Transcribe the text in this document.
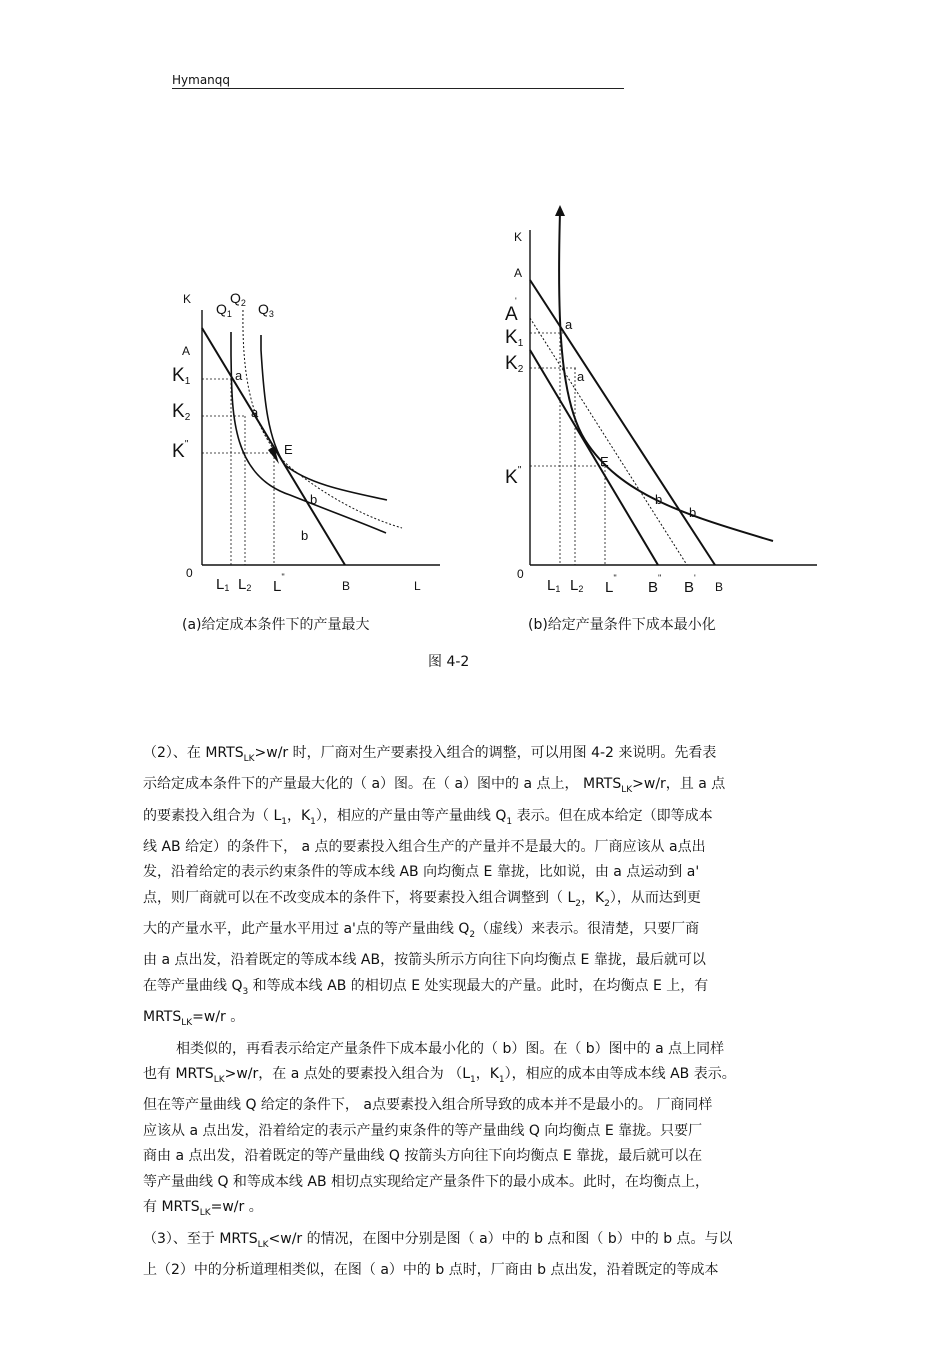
Hymanqq
K
$Q_1$
$Q_2$ $Q_3$
A
K1
K2
K''
a
a
E
b
b
0
L1 L2 L''
B	L
(a)给定成本条件下的产量最大
K
A
A
'
K1
K2
K''
a
a
E
b
b
0
L1 L2 L''
B''
B'
B
(b)给定产量条件下成本最小化
图 4-2

（2）、在 $MRTS_{LK}>w/r$ 时，厂商对生产要素投入组合的调整，可以用图 4-2 来说明。先看表

示给定成本条件下的产量最大化的（ a）图。在（ a）图中的 a 点上， $MRTS_{LK}>w/r$，且 a 点

的要素投入组合为（ $L_1$，$K_1$），相应的产量由等产量曲线 $Q_1$ 表示。但在成本给定（即等成本

线 AB 给定）的条件下， a 点的要素投入组合生产的产量并不是最大的。厂商应该从 a点出

发，沿着给定的表示约束条件的等成本线 AB 向均衡点 E 靠拢，比如说，由 a 点运动到 a'

点，则厂商就可以在不改变成本的条件下，将要素投入组合调整到（ $L_2$，$K_2$），从而达到更

大的产量水平，此产量水平用过 a'点的等产量曲线 $Q_2$（虚线）来表示。很清楚，只要厂商

由 a 点出发，沿着既定的等成本线 AB，按箭头所示方向往下向均衡点 E 靠拢，最后就可以

在等产量曲线 $Q_3$ 和等成本线 AB 的相切点 E 处实现最大的产量。此时，在均衡点 E 上，有

$MRTS_{LK}=w/r$ 。

相类似的，再看表示给定产量条件下成本最小化的（ b）图。在（ b）图中的 a 点上同样

也有 $MRTS_{LK}>w/r$，在 a 点处的要素投入组合为 （$L_1$，$K_1$），相应的成本由等成本线 AB 表示。

但在等产量曲线 Q 给定的条件下， a点要素投入组合所导致的成本并不是最小的。 厂商同样

应该从 a 点出发，沿着给定的表示产量约束条件的等产量曲线 Q 向均衡点 E 靠拢。只要厂

商由 a 点出发，沿着既定的等产量曲线 Q 按箭头方向往下向均衡点 E 靠拢，最后就可以在

等产量曲线 Q 和等成本线 AB 相切点实现给定产量条件下的最小成本。此时，在均衡点上，

有 $MRTS_{LK}=w/r$ 。

（3）、至于 $MRTS_{LK}<w/r$ 的情况，在图中分别是图（ a）中的 b 点和图（ b）中的 b 点。与以

上（2）中的分析道理相类似，在图（ a）中的 b 点时，厂商由 b 点出发，沿着既定的等成本
